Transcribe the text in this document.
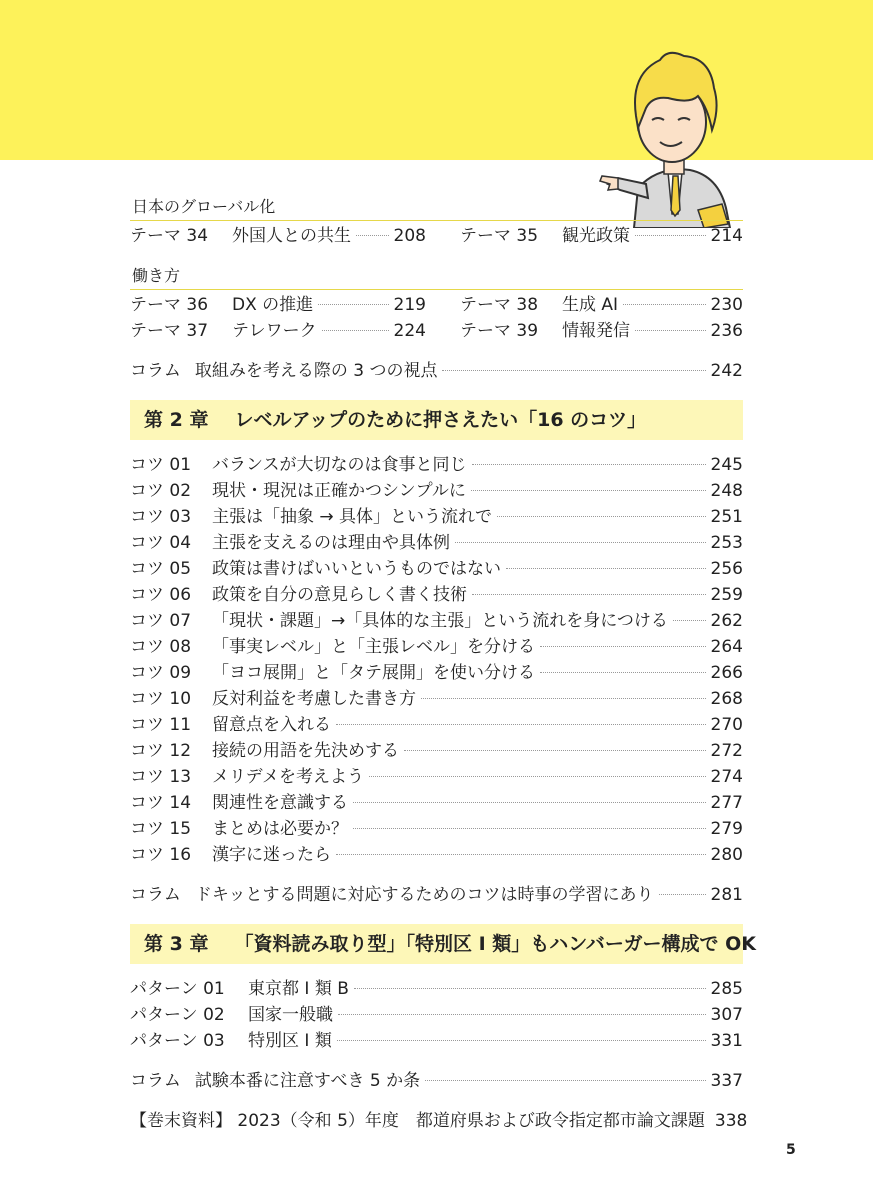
日本のグローバル化
テーマ 34	外国人との共生	208 テーマ 35	観光政策	214
働き方
テーマ 36	DX の推進	219
テーマ 37	テレワーク	224
テーマ 38	生成 AI	230
テーマ 39	情報発信	236
コラム 取組みを考える際の 3 つの視点	242
第 2 章 レベルアップのために押さえたい「16 のコツ」
コツ 01	バランスが大切なのは食事と同じ	245
コツ 02	現状・現況は正確かつシンプルに	248
コツ 03	主張は「抽象 → 具体」という流れで	251
コツ 04	主張を支えるのは理由や具体例	253
コツ 05	政策は書けばいいというものではない	256
コツ 06	政策を自分の意見らしく書く技術	259
コツ 07	「現状・課題」→「具体的な主張」という流れを身につける	262
コツ 08	「事実レベル」と「主張レベル」を分ける	264
コツ 09	「ヨコ展開」と「タテ展開」を使い分ける	266
コツ 10	反対利益を考慮した書き方	268
コツ 11	留意点を入れる	270
コツ 12	接続の用語を先決めする	272
コツ 13	メリデメを考えよう	274
コツ 14	関連性を意識する	277
コツ 15	まとめは必要か？	279
コツ 16	漢字に迷ったら	280
コラム ドキッとする問題に対応するためのコツは時事の学習にあり	281
第 3 章 「資料読み取り型」「特別区 I 類」もハンバーガー構成で OK
パターン 01	東京都 I 類 B	285
パターン 02	国家一般職	307
パターン 03	特別区 I 類	331
コラム 試験本番に注意すべき 5 か条	337
【巻末資料】 2023（令和 5）年度　都道府県および政令指定都市論文課題 338
5
